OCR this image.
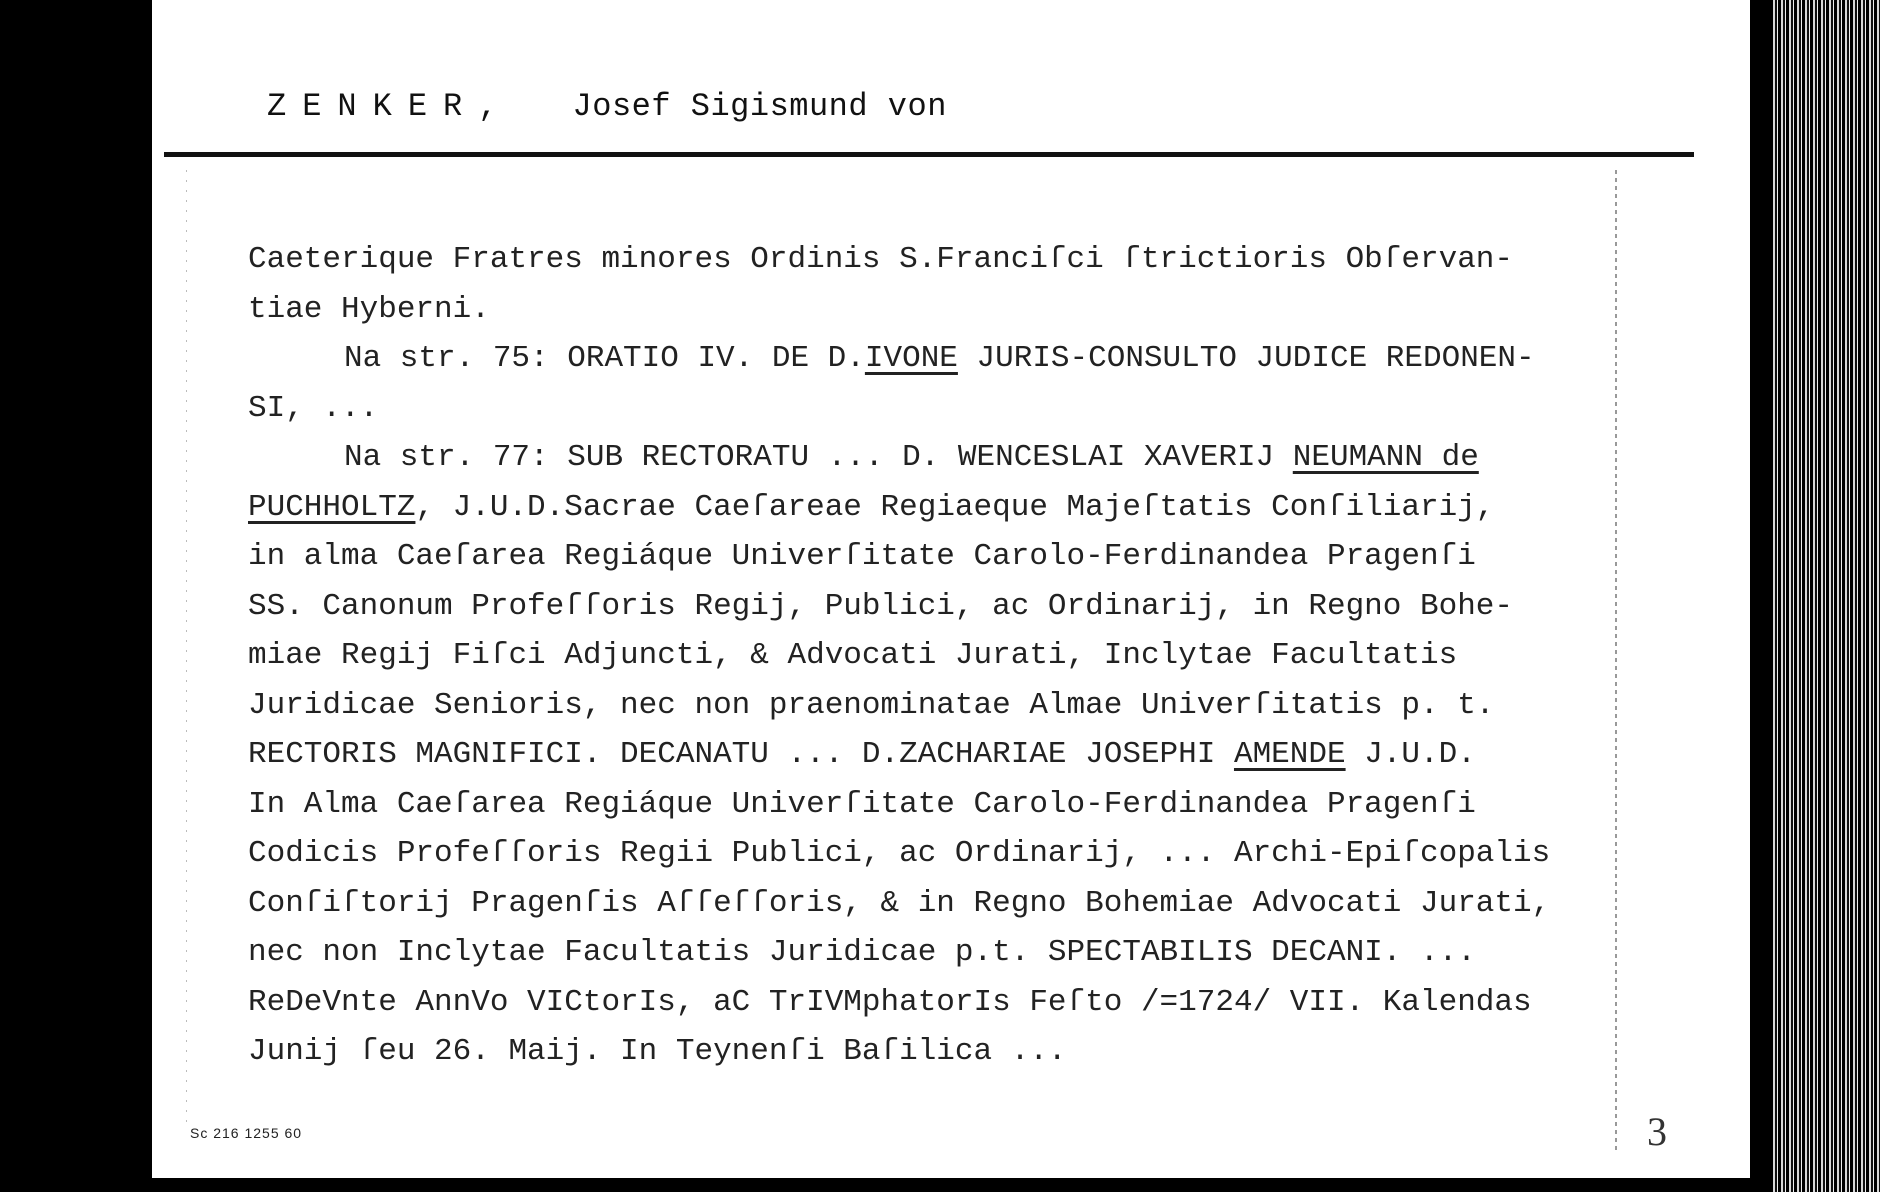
ZENKER, Josef Sigismund von
Caeterique Fratres minores Ordinis S.Franciſci ſtrictioris Obſervan-
tiae Hyberni.
Na str. 75: ORATIO IV. DE D.IVONE JURIS-CONSULTO JUDICE REDONEN-
SI, ...
Na str. 77: SUB RECTORATU ... D. WENCESLAI XAVERIJ NEUMANN de
PUCHHOLTZ, J.U.D.Sacrae Caeſareae Regiaeque Majeſtatis Conſiliarij,
in alma Caeſarea Regiáque Univerſitate Carolo-Ferdinandea Pragenſi
SS. Canonum Profeſſoris Regij, Publici, ac Ordinarij, in Regno Bohe-
miae Regij Fiſci Adjuncti, & Advocati Jurati, Inclytae Facultatis
Juridicae Senioris, nec non praenominatae Almae Univerſitatis p. t.
RECTORIS MAGNIFICI. DECANATU ... D.ZACHARIAE JOSEPHI AMENDE J.U.D.
In Alma Caeſarea Regiáque Univerſitate Carolo-Ferdinandea Pragenſi
Codicis Profeſſoris Regii Publici, ac Ordinarij, ... Archi-Epiſcopalis
Conſiſtorij Pragenſis Aſſeſſoris, & in Regno Bohemiae Advocati Jurati,
nec non Inclytae Facultatis Juridicae p.t. SPECTABILIS DECANI. ...
ReDeVnte AnnVo VICtorIs, aC TrIVMphatorIs Feſto /=1724/ VII. Kalendas
Junij ſeu 26. Maij. In Teynenſi Baſilica ...
Sc 216 1255 60	3
